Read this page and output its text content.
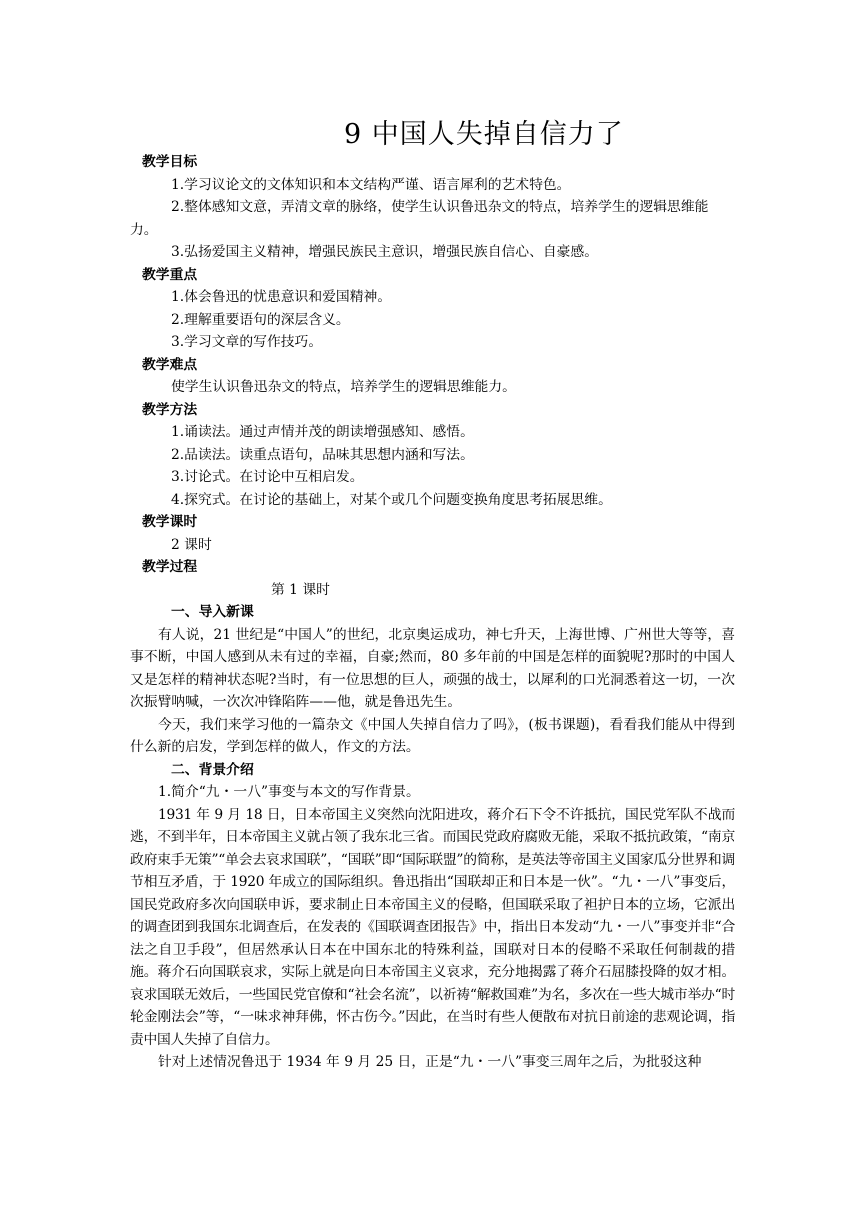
9 中国人失掉自信力了
教学目标
1.学习议论文的文体知识和本文结构严谨、语言犀利的艺术特色。
2.整体感知文意，弄清文章的脉络，使学生认识鲁迅杂文的特点，培养学生的逻辑思维能力。
3.弘扬爱国主义精神，增强民族民主意识，增强民族自信心、自豪感。
教学重点
1.体会鲁迅的忧患意识和爱国精神。
2.理解重要语句的深层含义。
3.学习文章的写作技巧。
教学难点
使学生认识鲁迅杂文的特点，培养学生的逻辑思维能力。
教学方法
1.诵读法。通过声情并茂的朗读增强感知、感悟。
2.品读法。读重点语句，品味其思想内涵和写法。
3.讨论式。在讨论中互相启发。
4.探究式。在讨论的基础上，对某个或几个问题变换角度思考拓展思维。
教学课时
2 课时
教学过程
第 1 课时
一、导入新课
有人说，21 世纪是“中国人”的世纪，北京奥运成功，神七升天，上海世博、广州世大等等，喜事不断，中国人感到从未有过的幸福，自豪;然而，80 多年前的中国是怎样的面貌呢?那时的中国人又是怎样的精神状态呢?当时，有一位思想的巨人，顽强的战士，以犀利的口光洞悉着这一切，一次次振臂呐喊，一次次冲锋陷阵——他，就是鲁迅先生。
今天，我们来学习他的一篇杂文《中国人失掉自信力了吗》，(板书课题)，看看我们能从中得到什么新的启发，学到怎样的做人，作文的方法。
二、背景介绍
1.简介“九・一八”事变与本文的写作背景。
1931 年 9 月 18 日，日本帝国主义突然向沈阳进攻，蒋介石下令不许抵抗，国民党军队不战而逃，不到半年，日本帝国主义就占领了我东北三省。而国民党政府腐败无能，采取不抵抗政策，“南京政府束手无策”“单会去哀求国联”，“国联”即“国际联盟”的简称，是英法等帝国主义国家瓜分世界和调节相互矛盾，于 1920 年成立的国际组织。鲁迅指出“国联却正和日本是一伙”。“九・一八”事变后，国民党政府多次向国联申诉，要求制止日本帝国主义的侵略，但国联采取了袒护日本的立场，它派出的调查团到我国东北调查后，在发表的《国联调查团报告》中，指出日本发动“九・一八”事变并非“合法之自卫手段”，但居然承认日本在中国东北的特殊利益，国联对日本的侵略不采取任何制裁的措　　施。蒋介石向国联哀求，实际上就是向日本帝国主义哀求，充分地揭露了蒋介石屈膝投降的奴才相。哀求国联无效后，一些国民党官僚和“社会名流”，以祈祷“解救国难”为名，多次在一些大城市举办“时轮金刚法会”等，“一味求神拜佛，怀古伤今。”因此，在当时有些人便散布对抗日前途的悲观论调，指责中国人失掉了自信力。
针对上述情况鲁迅于 1934 年 9 月 25 日，正是“九・一八”事变三周年之后，为批驳这种
